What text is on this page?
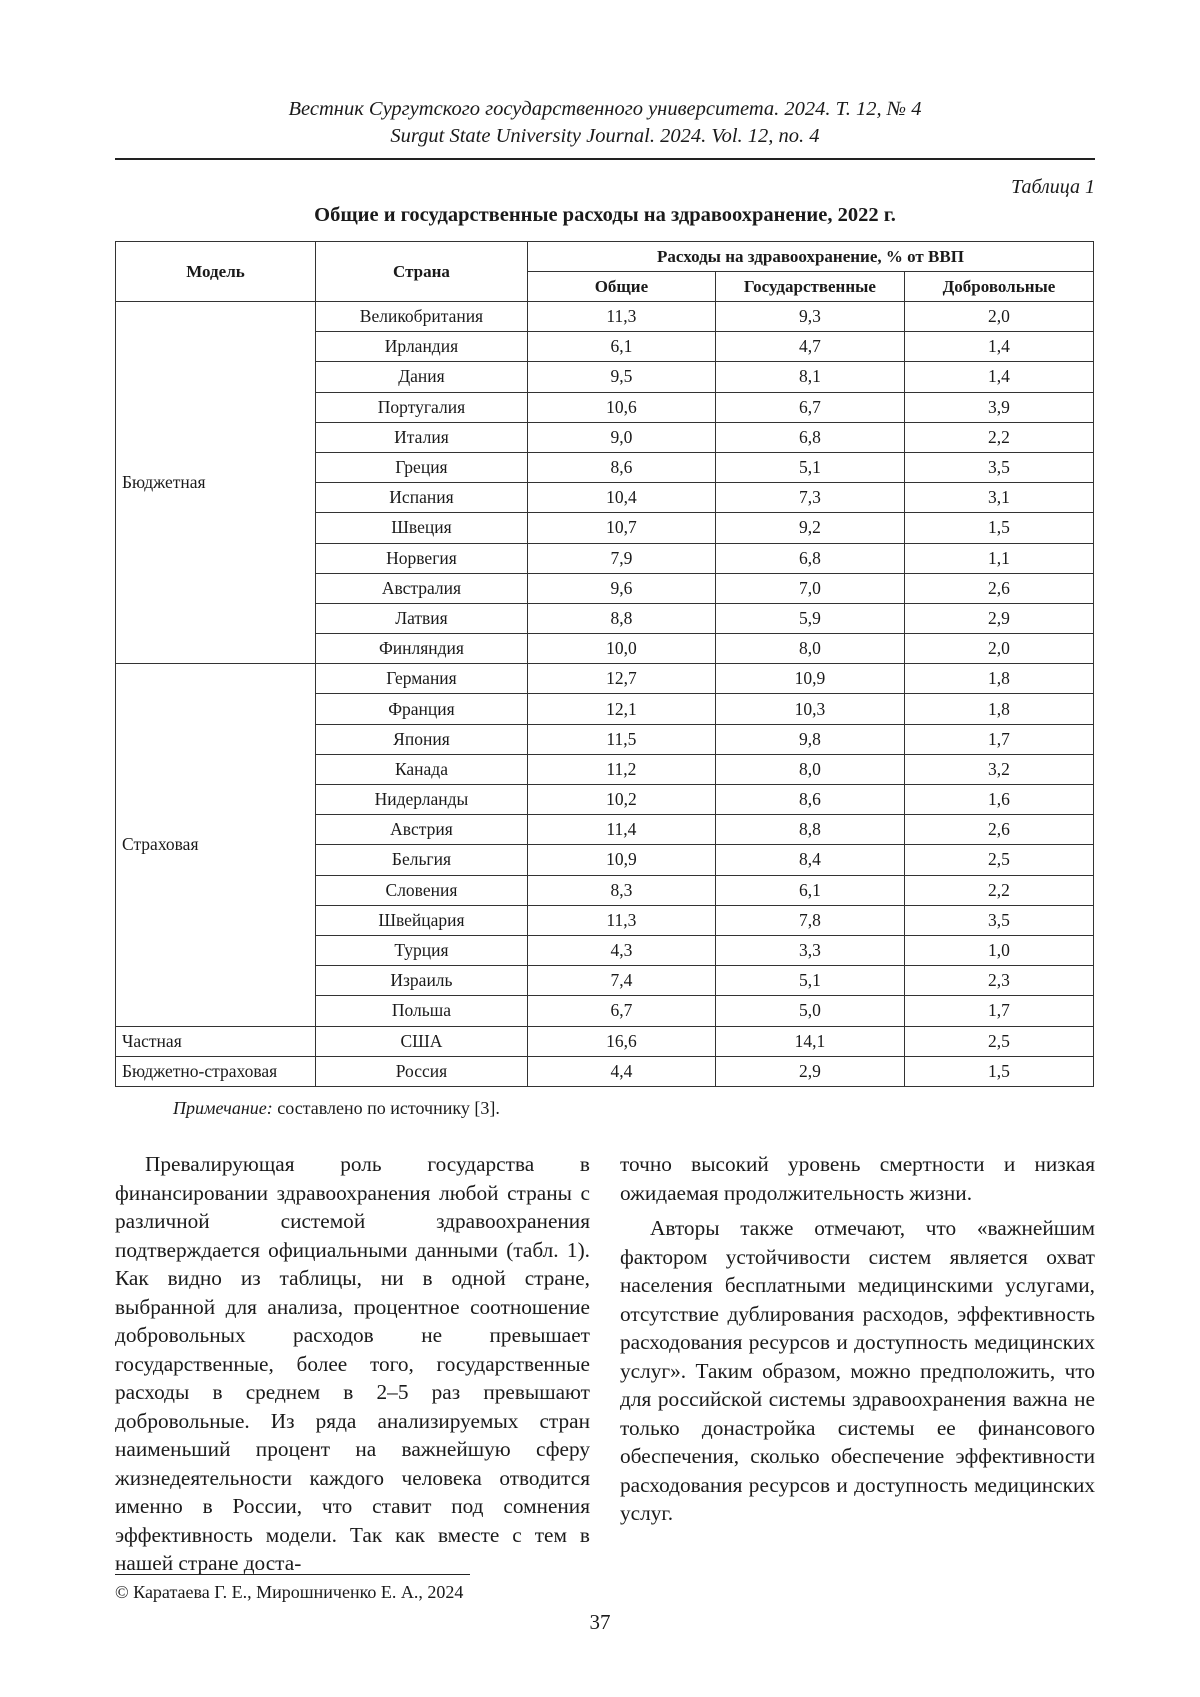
Вестник Сургутского государственного университета. 2024. Т. 12, № 4
Surgut State University Journal. 2024. Vol. 12, no. 4
Таблица 1
Общие и государственные расходы на здравоохранение, 2022 г.
Модель	Страна	Расходы на здравоохранение, % от ВВП		
		Общие	Государственные	Добровольные
Бюджетная	Великобритания	11,3	9,3	2,0
	Ирландия	6,1	4,7	1,4
	Дания	9,5	8,1	1,4
	Португалия	10,6	6,7	3,9
	Италия	9,0	6,8	2,2
	Греция	8,6	5,1	3,5
	Испания	10,4	7,3	3,1
	Швеция	10,7	9,2	1,5
	Норвегия	7,9	6,8	1,1
	Австралия	9,6	7,0	2,6
	Латвия	8,8	5,9	2,9
	Финляндия	10,0	8,0	2,0
Страховая	Германия	12,7	10,9	1,8
	Франция	12,1	10,3	1,8
	Япония	11,5	9,8	1,7
	Канада	11,2	8,0	3,2
	Нидерланды	10,2	8,6	1,6
	Австрия	11,4	8,8	2,6
	Бельгия	10,9	8,4	2,5
	Словения	8,3	6,1	2,2
	Швейцария	11,3	7,8	3,5
	Турция	4,3	3,3	1,0
	Израиль	7,4	5,1	2,3
	Польша	6,7	5,0	1,7
Частная	США	16,6	14,1	2,5
Бюджетно-страховая	Россия	4,4	2,9	1,5
Примечание: составлено по источнику [3].

Превалирующая роль государства в финансировании здравоохранения любой страны с различной системой здравоохранения подтверждается официальными данными (табл. 1). Как видно из таблицы, ни в одной стране, выбранной для анализа, процентное соотношение добровольных расходов не превышает государственные, более того, государственные расходы в среднем в 2–5 раз превышают добровольные. Из ряда анализируемых стран наименьший процент на важнейшую сферу жизнедеятельности каждого человека отводится именно в России, что ставит под сомнения эффективность модели. Так как вместе с тем в нашей стране доста-

точно высокий уровень смертности и низкая ожидаемая продолжительность жизни.

Авторы также отмечают, что «важнейшим фактором устойчивости систем является охват населения бесплатными медицинскими услугами, отсутствие дублирования расходов, эффективность расходования ресурсов и доступность медицинских услуг». Таким образом, можно предположить, что для российской системы здравоохранения важна не только донастройка системы ее финансового обеспечения, сколько обеспечение эффективности расходования ресурсов и доступность медицинских услуг.

© Каратаева Г. Е., Мирошниченко Е. А., 2024
37
